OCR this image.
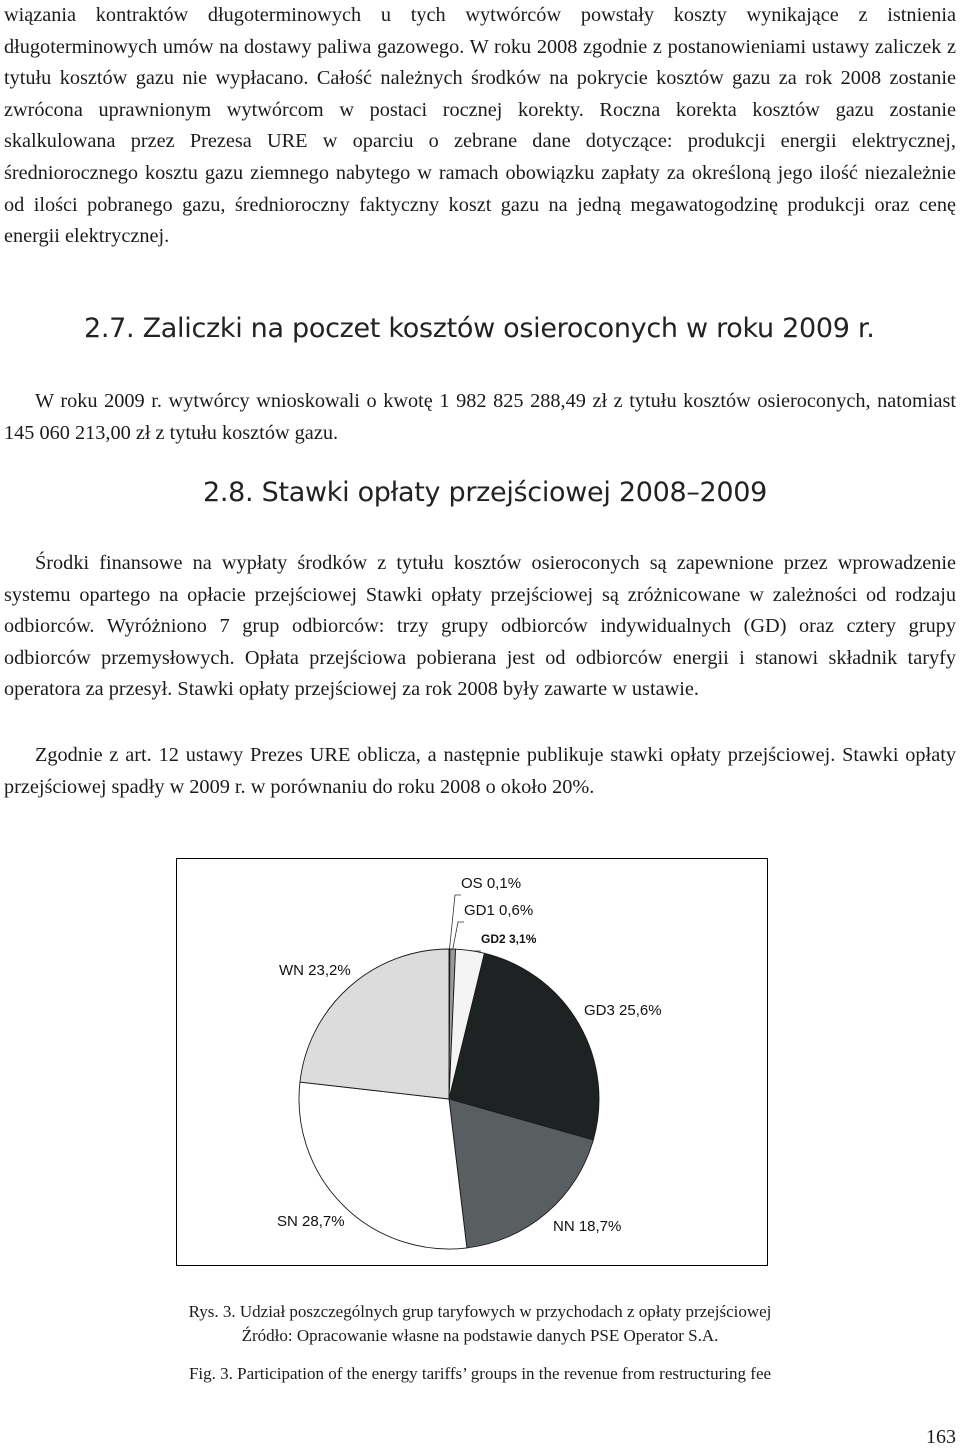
wiązania kontraktów długoterminowych u tych wytwórców powstały koszty wynikające z istnienia długoterminowych umów na dostawy paliwa gazowego. W roku 2008 zgodnie z postanowieniami ustawy zaliczek z tytułu kosztów gazu nie wypłacano. Całość należnych środków na pokrycie kosztów gazu za rok 2008 zostanie zwrócona uprawnionym wytwórcom w postaci rocznej korekty. Roczna korekta kosztów gazu zostanie skalkulowana przez Prezesa URE w oparciu o zebrane dane dotyczące: produkcji energii elektrycznej, średniorocznego kosztu gazu ziemnego nabytego w ramach obowiązku zapłaty za określoną jego ilość niezależnie od ilości pobranego gazu, średnioroczny faktyczny koszt gazu na jedną megawatogodzinę produkcji oraz cenę energii elektrycznej.

2.7. Zaliczki na poczet kosztów osieroconych w roku 2009 r.

W roku 2009 r. wytwórcy wnioskowali o kwotę 1 982 825 288,49 zł z tytułu kosztów osieroconych, natomiast 145 060 213,00 zł z tytułu kosztów gazu.

2.8. Stawki opłaty przejściowej 2008–2009

Środki finansowe na wypłaty środków z tytułu kosztów osieroconych są zapewnione przez wprowadzenie systemu opartego na opłacie przejściowej Stawki opłaty przejściowej są zróżnicowane w zależności od rodzaju odbiorców. Wyróżniono 7 grup odbiorców: trzy grupy odbiorców indywidualnych (GD) oraz cztery grupy odbiorców przemysłowych. Opłata przejściowa pobierana jest od odbiorców energii i stanowi składnik taryfy operatora za przesył. Stawki opłaty przejściowej za rok 2008 były zawarte w ustawie.

Zgodnie z art. 12 ustawy Prezes URE oblicza, a następnie publikuje stawki opłaty przejściowej. Stawki opłaty przejściowej spadły w 2009 r. w porównaniu do roku 2008 o około 20%.

OS 0,1%
GD1 0,6%
GD2 3,1%
GD3 25,6%
NN 18,7%
SN 28,7%
WN 23,2%
Rys. 3. Udział poszczególnych grup taryfowych w przychodach z opłaty przejściowej
Źródło: Opracowanie własne na podstawie danych PSE Operator S.A.
Fig. 3. Participation of the energy tariffs’ groups in the revenue from restructuring fee
163
